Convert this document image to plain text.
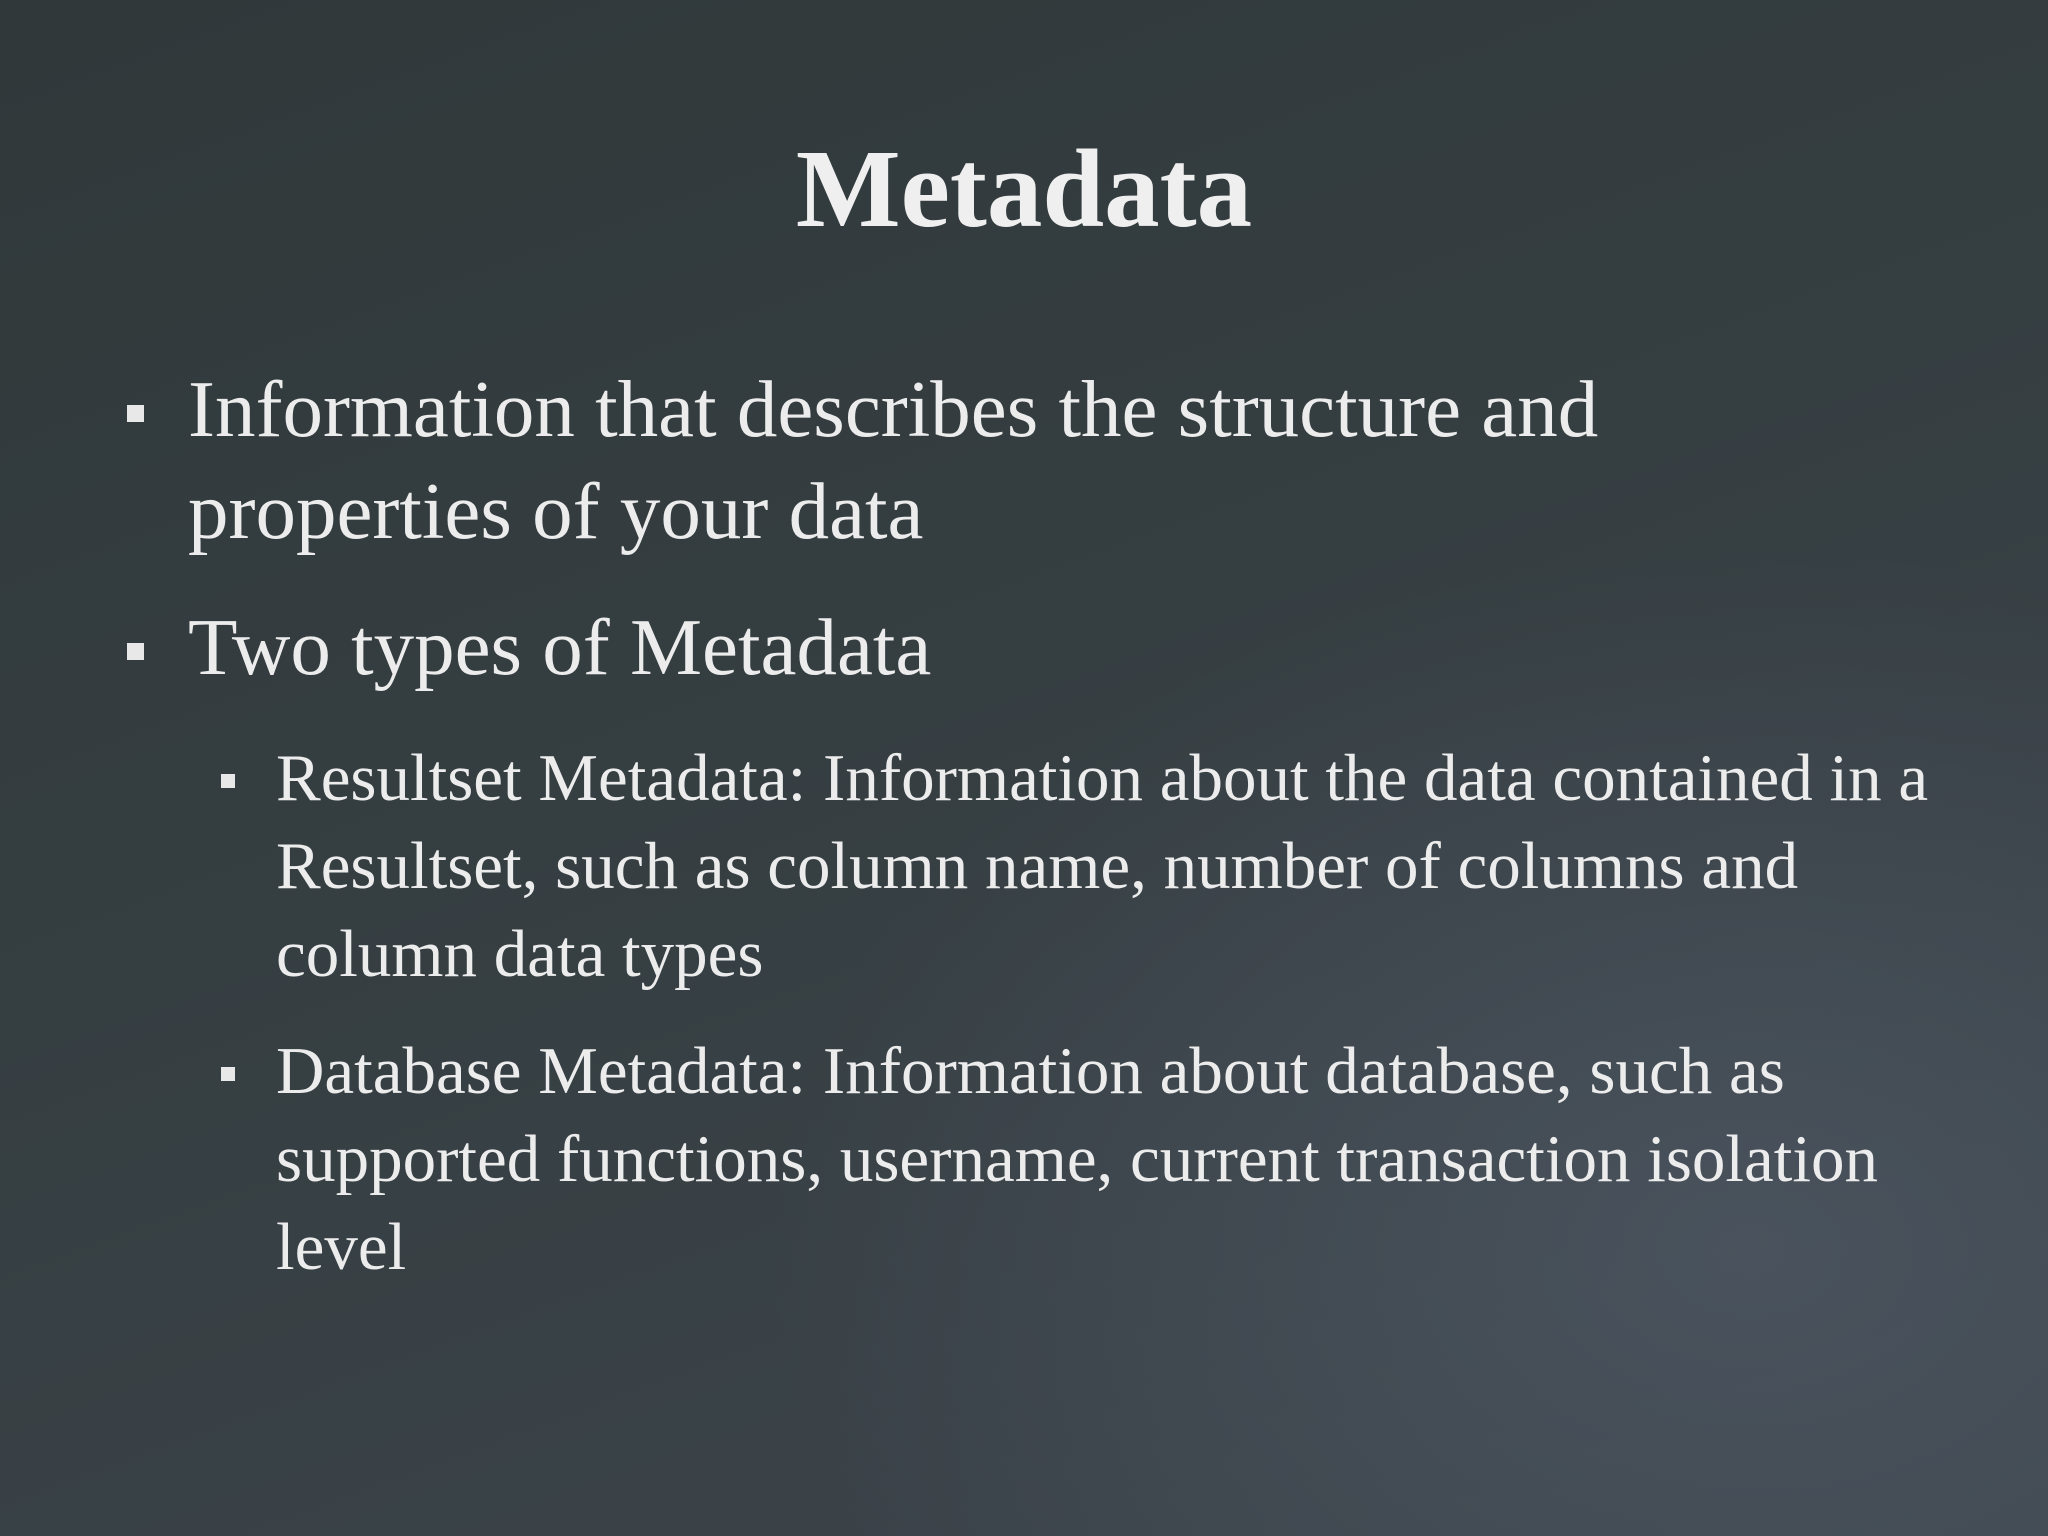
Metadata
Information that describes the structure and properties of your data
Two types of Metadata
Resultset Metadata: Information about the data contained in a Resultset, such as column name, number of columns and column data types
Database Metadata: Information about database, such as supported functions, username, current transaction isolation level
